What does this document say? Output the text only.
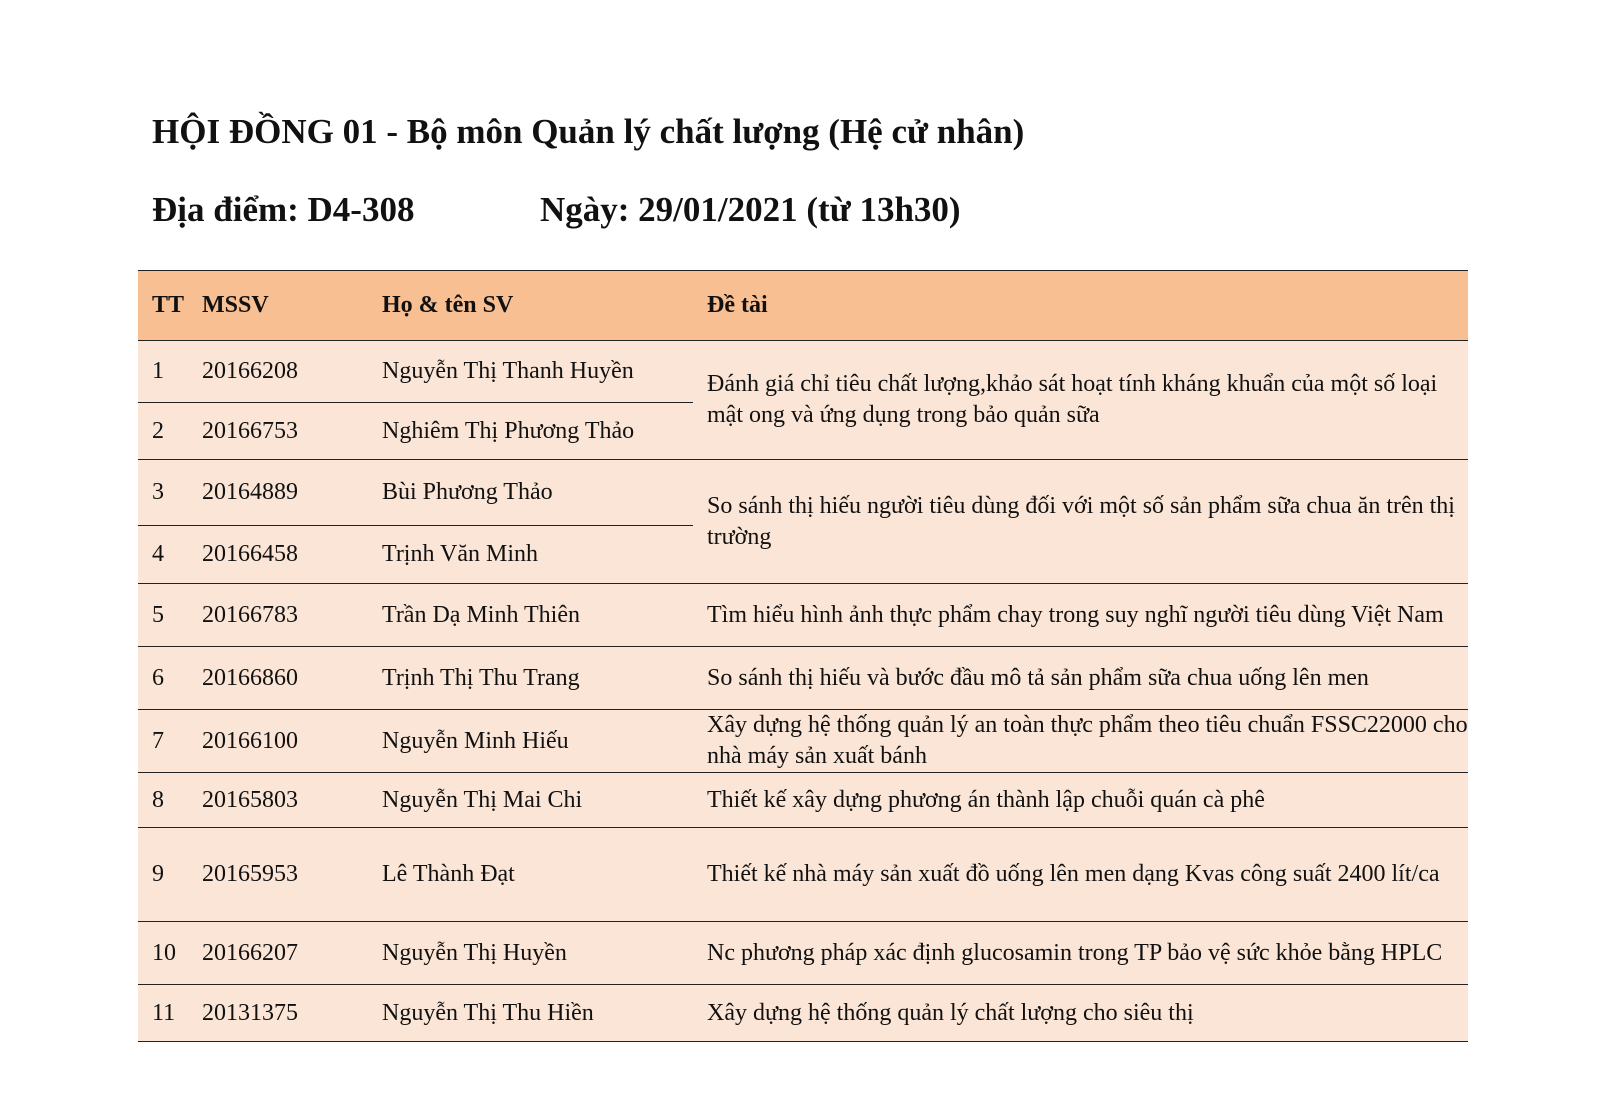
HỘI ĐỒNG 01 - Bộ môn Quản lý chất lượng (Hệ cử nhân)
Địa điểm: D4-308	Ngày: 29/01/2021 (từ 13h30)
TT	MSSV	Họ & tên SV	Đề tài
1	20166208	Nguyễn Thị Thanh Huyền	Đánh giá chỉ tiêu chất lượng,khảo sát hoạt tính kháng khuẩn của một số loại mật ong và ứng dụng trong bảo quản sữa
2	20166753	Nghiêm Thị Phương Thảo	
3	20164889	Bùi Phương Thảo	So sánh thị hiếu người tiêu dùng đối với một số sản phẩm sữa chua ăn trên thị trường
4	20166458	Trịnh Văn Minh	
5	20166783	Trần Dạ Minh Thiên	Tìm hiểu hình ảnh thực phẩm chay trong suy nghĩ người tiêu dùng Việt Nam
6	20166860	Trịnh Thị Thu Trang	So sánh thị hiếu và bước đầu mô tả sản phẩm sữa chua uống lên men
7	20166100	Nguyễn Minh Hiếu	Xây dựng hệ thống quản lý an toàn thực phẩm theo tiêu chuẩn FSSC22000 cho nhà máy sản xuất bánh
8	20165803	Nguyễn Thị Mai Chi	Thiết kế xây dựng phương án thành lập chuỗi quán cà phê
9	20165953	Lê Thành Đạt	Thiết kế nhà máy sản xuất đồ uống lên men dạng Kvas công suất 2400 lít/ca
10	20166207	Nguyễn Thị Huyền	Nc phương pháp xác định glucosamin trong TP bảo vệ sức khỏe bằng HPLC
11	20131375	Nguyễn Thị Thu Hiền	Xây dựng hệ thống quản lý chất lượng cho siêu thị
